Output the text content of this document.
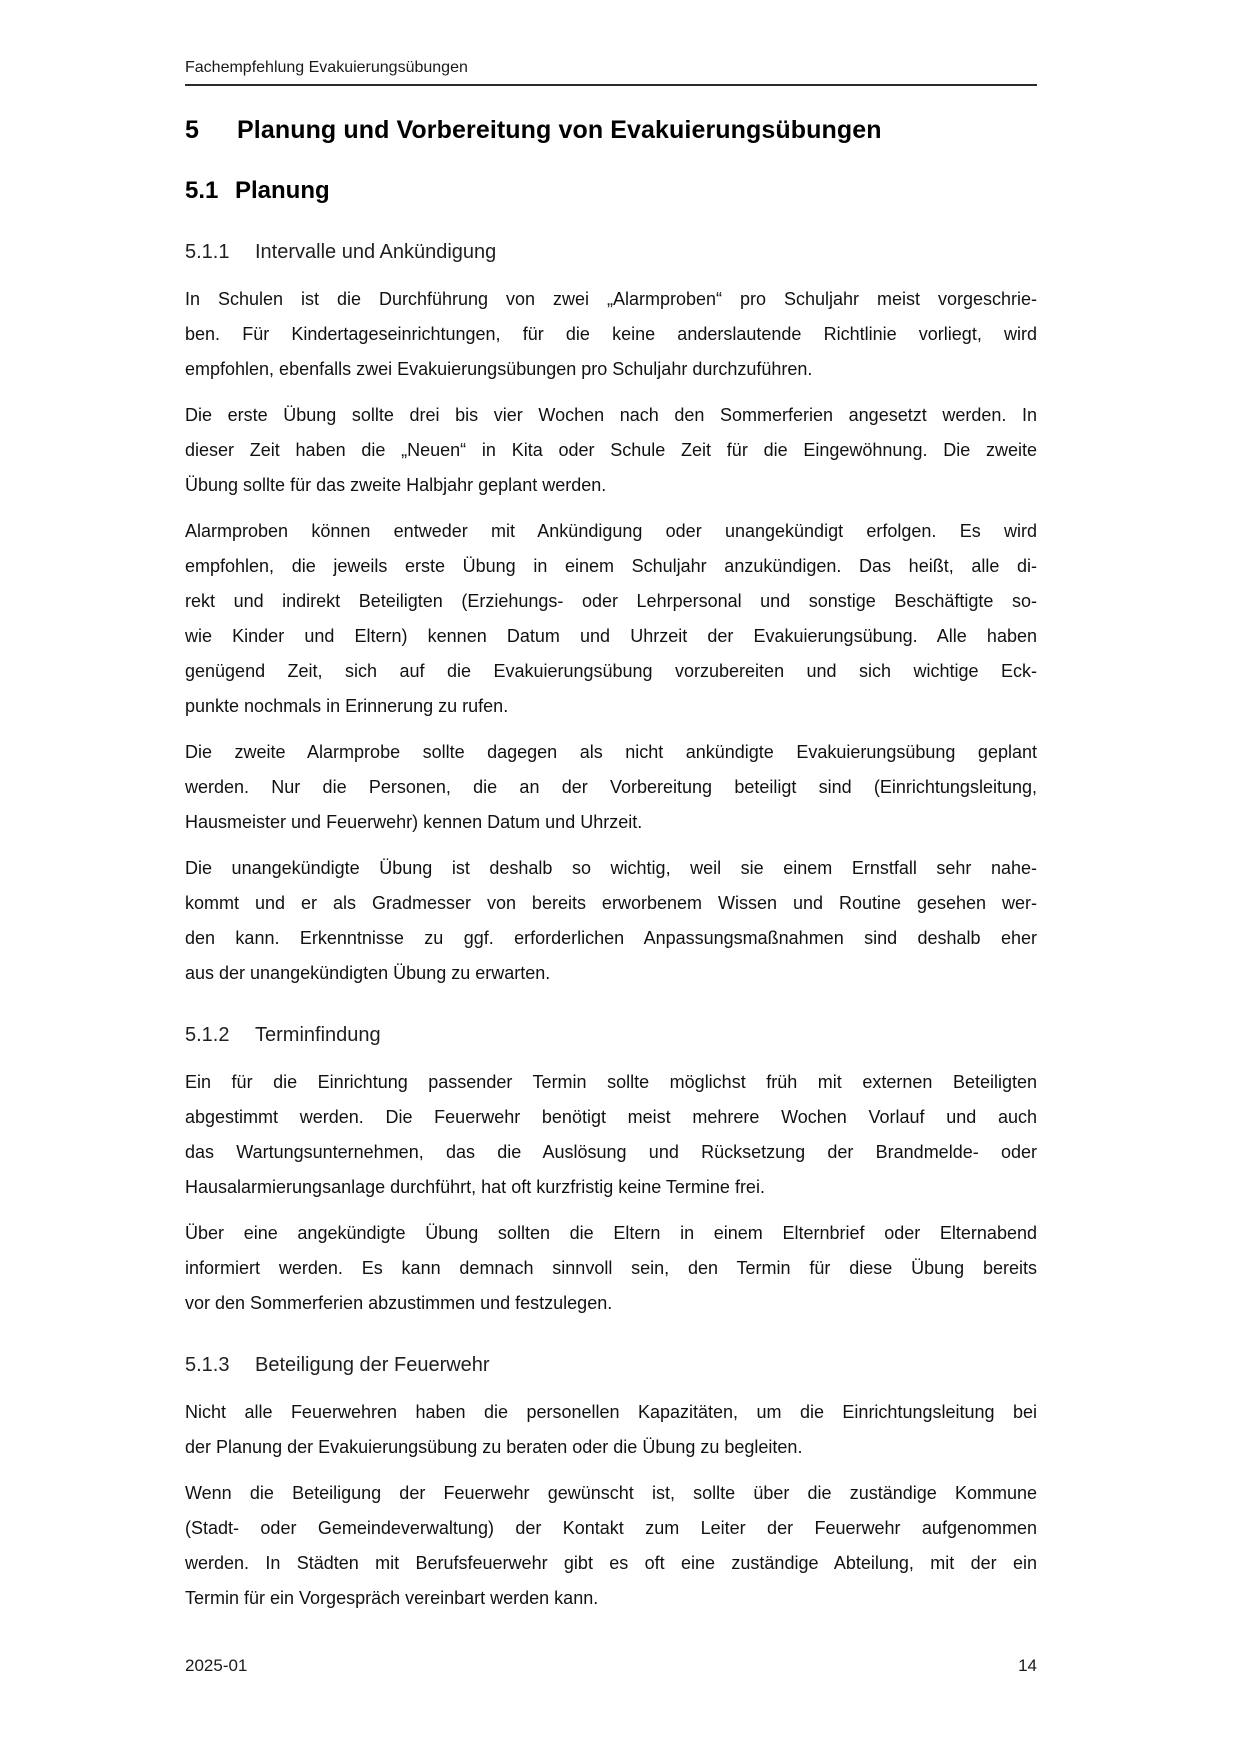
Fachempfehlung Evakuierungsübungen
5 Planung und Vorbereitung von Evakuierungsübungen
5.1 Planung
5.1.1 Intervalle und Ankündigung
In Schulen ist die Durchführung von zwei „Alarmproben“ pro Schuljahr meist vorgeschrie-
ben. Für Kindertageseinrichtungen, für die keine anderslautende Richtlinie vorliegt, wird
empfohlen, ebenfalls zwei Evakuierungsübungen pro Schuljahr durchzuführen.
Die erste Übung sollte drei bis vier Wochen nach den Sommerferien angesetzt werden. In
dieser Zeit haben die „Neuen“ in Kita oder Schule Zeit für die Eingewöhnung. Die zweite
Übung sollte für das zweite Halbjahr geplant werden.
Alarmproben können entweder mit Ankündigung oder unangekündigt erfolgen. Es wird
empfohlen, die jeweils erste Übung in einem Schuljahr anzukündigen. Das heißt, alle di-
rekt und indirekt Beteiligten (Erziehungs- oder Lehrpersonal und sonstige Beschäftigte so-
wie Kinder und Eltern) kennen Datum und Uhrzeit der Evakuierungsübung. Alle haben
genügend Zeit, sich auf die Evakuierungsübung vorzubereiten und sich wichtige Eck-
punkte nochmals in Erinnerung zu rufen.
Die zweite Alarmprobe sollte dagegen als nicht ankündigte Evakuierungsübung geplant
werden. Nur die Personen, die an der Vorbereitung beteiligt sind (Einrichtungsleitung,
Hausmeister und Feuerwehr) kennen Datum und Uhrzeit.
Die unangekündigte Übung ist deshalb so wichtig, weil sie einem Ernstfall sehr nahe-
kommt und er als Gradmesser von bereits erworbenem Wissen und Routine gesehen wer-
den kann. Erkenntnisse zu ggf. erforderlichen Anpassungsmaßnahmen sind deshalb eher
aus der unangekündigten Übung zu erwarten.
5.1.2 Terminfindung
Ein für die Einrichtung passender Termin sollte möglichst früh mit externen Beteiligten
abgestimmt werden. Die Feuerwehr benötigt meist mehrere Wochen Vorlauf und auch
das Wartungsunternehmen, das die Auslösung und Rücksetzung der Brandmelde- oder
Hausalarmierungsanlage durchführt, hat oft kurzfristig keine Termine frei.
Über eine angekündigte Übung sollten die Eltern in einem Elternbrief oder Elternabend
informiert werden. Es kann demnach sinnvoll sein, den Termin für diese Übung bereits
vor den Sommerferien abzustimmen und festzulegen.
5.1.3 Beteiligung der Feuerwehr
Nicht alle Feuerwehren haben die personellen Kapazitäten, um die Einrichtungsleitung bei
der Planung der Evakuierungsübung zu beraten oder die Übung zu begleiten.
Wenn die Beteiligung der Feuerwehr gewünscht ist, sollte über die zuständige Kommune
(Stadt- oder Gemeindeverwaltung) der Kontakt zum Leiter der Feuerwehr aufgenommen
werden. In Städten mit Berufsfeuerwehr gibt es oft eine zuständige Abteilung, mit der ein
Termin für ein Vorgespräch vereinbart werden kann.
2025-01	14
